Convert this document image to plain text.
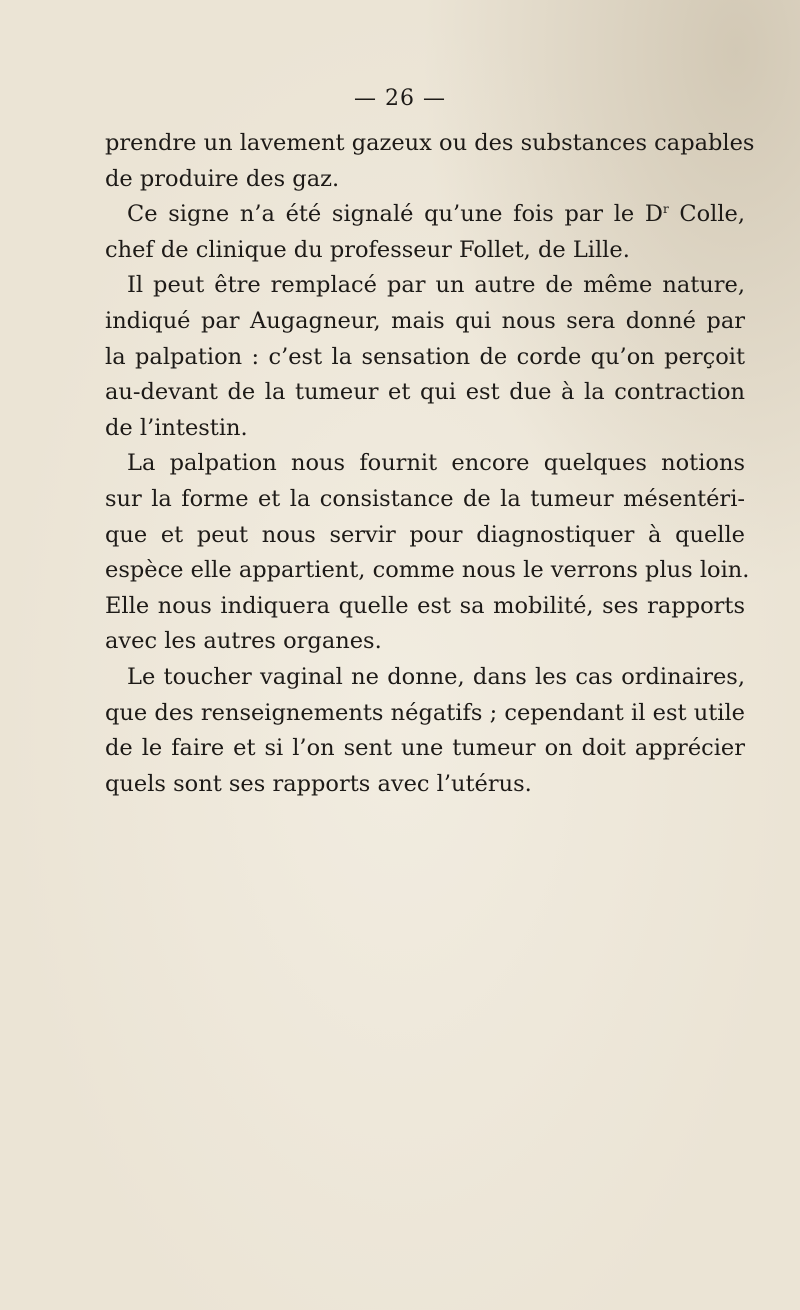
— 26 —
prendre un lavement gazeux ou des substances capables
de produire des gaz.
Ce signe n’a été signalé qu’une fois par le $D^r$ Colle,
chef de clinique du professeur Follet, de Lille.
Il peut être remplacé par un autre de même nature,
indiqué par Augagneur, mais qui nous sera donné par
la palpation : c’est la sensation de corde qu’on perçoit
au-devant de la tumeur et qui est due à la contraction
de l’intestin.
La palpation nous fournit encore quelques notions
sur la forme et la consistance de la tumeur mésentéri-
que et peut nous servir pour diagnostiquer à quelle
espèce elle appartient, comme nous le verrons plus loin.
Elle nous indiquera quelle est sa mobilité, ses rapports
avec les autres organes.
Le toucher vaginal ne donne, dans les cas ordinaires,
que des renseignements négatifs ; cependant il est utile
de le faire et si l’on sent une tumeur on doit apprécier
quels sont ses rapports avec l’utérus.
